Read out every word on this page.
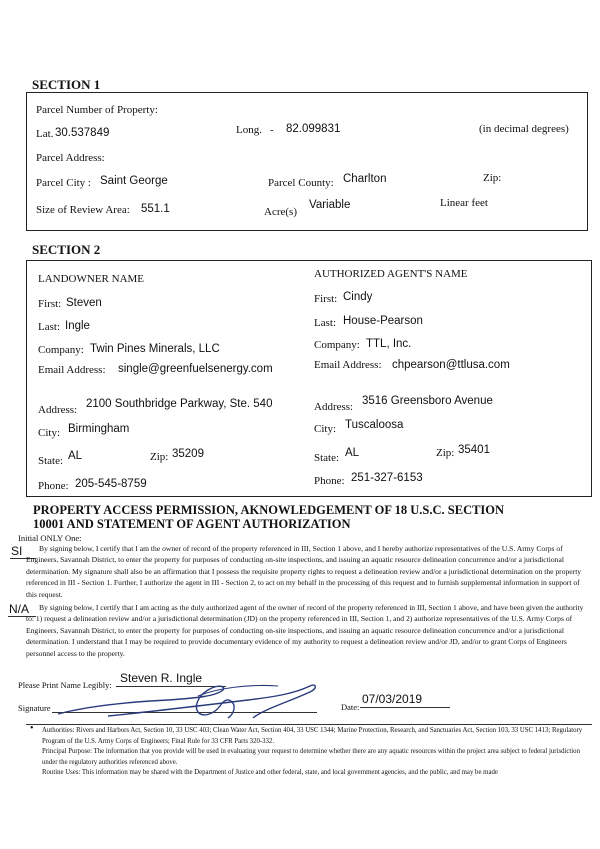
SECTION 1
Parcel Number of Property:
Lat. 30.537849	Long. - 82.099831	(in decimal degrees)
Parcel Address:
Parcel City : Saint George	Parcel County: Charlton	Zip:
Size of Review Area: 551.1	Acre(s)
Variable	Linear feet
SECTION 2
LANDOWNER NAME
First: Steven
Last: Ingle
Company: Twin Pines Minerals, LLC
Email Address: single@greenfuelsenergy.com
Address: 2100 Southbridge Parkway, Ste. 540
City: Birmingham
State: AL	Zip: 35209
Phone: 205-545-8759
AUTHORIZED AGENT'S NAME
First: Cindy
Last: House-Pearson
Company: TTL, Inc.
Email Address: chpearson@ttlusa.com
Address: 3516 Greensboro Avenue
City: Tuscaloosa
State: AL	Zip: 35401
Phone: 251-327-6153
PROPERTY ACCESS PERMISSION, AKNOWLEDGEMENT OF 18 U.S.C. SECTION
10001 AND STATEMENT OF AGENT AUTHORIZATION
Initial ONLY One:
SI	By signing below, I certify that I am the owner of record of the property referenced in III, Section 1 above, and I hereby authorize representatives of the U.S. Army Corps of Engineers, Savannah District, to enter the property for purposes of conducting on-site inspections, and issuing an aquatic resource delineation concurrence and/or a jurisdictional determination. My signature shall also be an affirmation that I possess the requisite property rights to request a delineation review and/or a jurisdictional determination on the property referenced in III - Section 1. Further, I authorize the agent in III - Section 2, to act on my behalf in the processing of this request and to furnish supplemental information in support of this request.
N/A	By signing below, I certify that I am acting as the duly authorized agent of the owner of record of the property referenced in III, Section 1 above, and have been given the authority to: 1) request a delineation review and/or a jurisdictional determination (JD) on the property referenced in III, Section 1, and 2) authorize representatives of the U.S. Army Corps of Engineers, Savannah District, to enter the property for purposes of conducting on-site inspections, and issuing an aquatic resource delineation concurrence and/or a jurisdictional determination. I understand that I may be required to provide documentary evidence of my authority to request a delineation review and/or JD, and/or to grant Corps of Engineers personnel access to the property.
Please Print Name Legibly: Steven R. Ingle
Signature	Date:
07/03/2019
• Authorities: Rivers and Harbors Act, Section 10, 33 USC 403; Clean Water Act, Section 404, 33 USC 1344; Marine Protection, Research, and Sanctuaries Act, Section 103, 33 USC 1413; Regulatory Program of the U.S. Army Corps of Engineers; Final Rule for 33 CFR Parts 320-332.
Principal Purpose: The information that you provide will be used in evaluating your request to determine whether there are any aquatic resources within the project area subject to federal jurisdiction under the regulatory authorities referenced above.
Routine Uses: This information may be shared with the Department of Justice and other federal, state, and local government agencies, and the public, and may be made
